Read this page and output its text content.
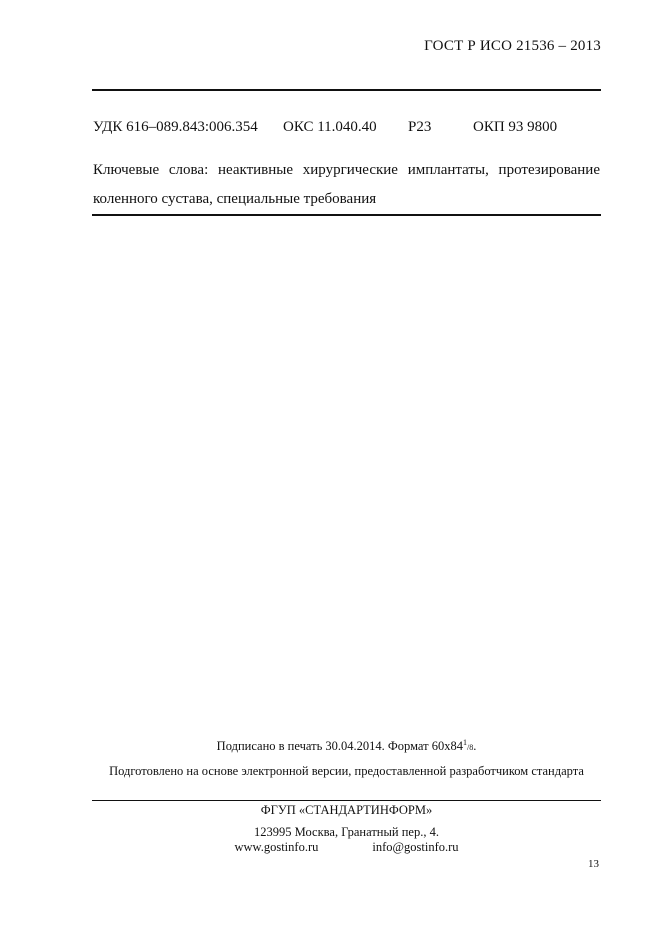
ГОСТ Р ИСО 21536 – 2013
УДК 616–089.843:006.354 ОКС 11.040.40 Р23	ОКП 93 9800
Ключевые слова: неактивные хирургические имплантаты, протезирование коленного сустава, специальные требования
Подписано в печать 30.04.2014. Формат $60x84^1/8$.
Подготовлено на основе электронной версии, предоставленной разработчиком стандарта
ФГУП «СТАНДАРТИНФОРМ»
123995 Москва, Гранатный пер., 4.
www.gostinfo.ru	info@gostinfo.ru
13
